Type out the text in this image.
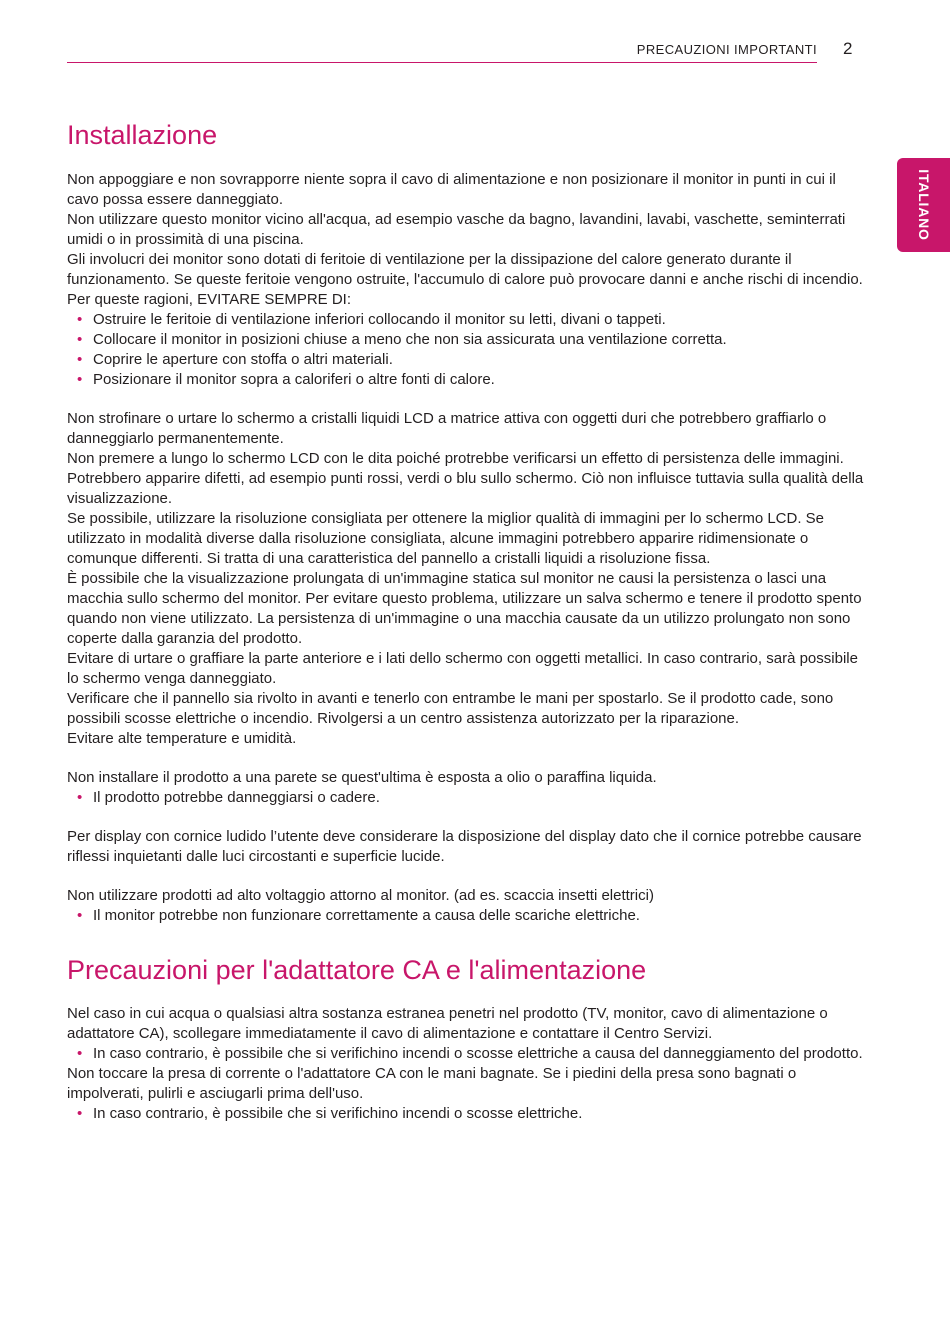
PRECAUZIONI IMPORTANTI 2
ITALIANO
Installazione

Non appoggiare e non sovrapporre niente sopra il cavo di alimentazione e non posizionare il monitor in punti in cui il cavo possa essere danneggiato.

Non utilizzare questo monitor vicino all'acqua, ad esempio vasche da bagno, lavandini, lavabi, vaschette, seminterrati umidi o in prossimità di una piscina.

Gli involucri dei monitor sono dotati di feritoie di ventilazione per la dissipazione del calore generato durante il funzionamento. Se queste feritoie vengono ostruite, l'accumulo di calore può provocare danni e anche rischi di incendio. Per queste ragioni, EVITARE SEMPRE DI:

• Ostruire le feritoie di ventilazione inferiori collocando il monitor su letti, divani o tappeti.
• Collocare il monitor in posizioni chiuse a meno che non sia assicurata una ventilazione corretta.
• Coprire le aperture con stoffa o altri materiali.
• Posizionare il monitor sopra a caloriferi o altre fonti di calore.

Non strofinare o urtare lo schermo a cristalli liquidi LCD a matrice attiva con oggetti duri che potrebbero graffiarlo o danneggiarlo permanentemente.

Non premere a lungo lo schermo LCD con le dita poiché protrebbe verificarsi un effetto di persistenza delle immagini.

Potrebbero apparire difetti, ad esempio punti rossi, verdi o blu sullo schermo. Ciò non influisce tuttavia sulla qualità della visualizzazione.

Se possibile, utilizzare la risoluzione consigliata per ottenere la miglior qualità di immagini per lo schermo LCD. Se utilizzato in modalità diverse dalla risoluzione consigliata, alcune immagini potrebbero apparire ridimensionate o comunque differenti. Si tratta di una caratteristica del pannello a cristalli liquidi a risoluzione fissa.

È possibile che la visualizzazione prolungata di un'immagine statica sul monitor ne causi la persistenza o lasci una macchia sullo schermo del monitor. Per evitare questo problema, utilizzare un salva schermo e tenere il prodotto spento quando non viene utilizzato. La persistenza di un'immagine o una macchia causate da un utilizzo prolungato non sono coperte dalla garanzia del prodotto.

Evitare di urtare o graffiare la parte anteriore e i lati dello schermo con oggetti metallici. In caso contrario, sarà possibile lo schermo venga danneggiato.

Verificare che il pannello sia rivolto in avanti e tenerlo con entrambe le mani per spostarlo. Se il prodotto cade, sono possibili scosse elettriche o incendio. Rivolgersi a un centro assistenza autorizzato per la riparazione.

Evitare alte temperature e umidità.

Non installare il prodotto a una parete se quest'ultima è esposta a olio o paraffina liquida.

• Il prodotto potrebbe danneggiarsi o cadere.

Per display con cornice ludido l’utente deve considerare la disposizione del display dato che il cornice potrebbe causare riflessi inquietanti dalle luci circostanti e superficie lucide.

Non utilizzare prodotti ad alto voltaggio attorno al monitor. (ad es. scaccia insetti elettrici)

• Il monitor potrebbe non funzionare correttamente a causa delle scariche elettriche.
Precauzioni per l'adattatore CA e l'alimentazione

Nel caso in cui acqua o qualsiasi altra sostanza estranea penetri nel prodotto (TV, monitor, cavo di alimentazione o adattatore CA), scollegare immediatamente il cavo di alimentazione e contattare il Centro Servizi.

• In caso contrario, è possibile che si verifichino incendi o scosse elettriche a causa del danneggiamento del prodotto.

Non toccare la presa di corrente o l'adattatore CA con le mani bagnate. Se i piedini della presa sono bagnati o impolverati, pulirli e asciugarli prima dell'uso.

• In caso contrario, è possibile che si verifichino incendi o scosse elettriche.
